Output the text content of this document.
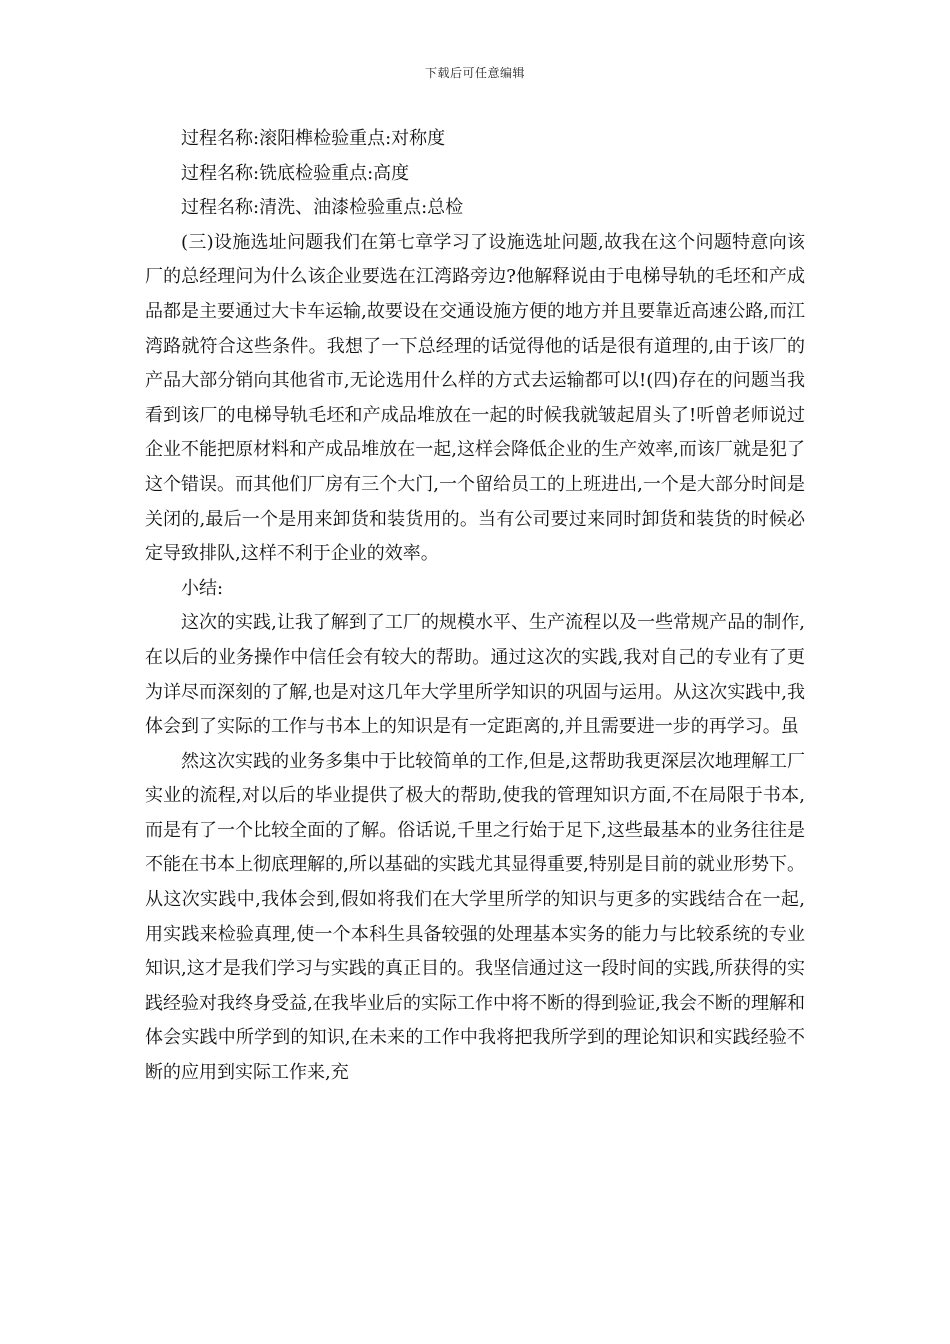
下载后可任意编辑

过程名称:滚阳榫检验重点:对称度

过程名称:铣底检验重点:高度

过程名称:清洗、油漆检验重点:总检

(三)设施选址问题我们在第七章学习了设施选址问题,故我在这个问题特意向该厂的总经理问为什么该企业要选在江湾路旁边?他解释说由于电梯导轨的毛坯和产成品都是主要通过大卡车运输,故要设在交通设施方便的地方并且要靠近高速公路,而江湾路就符合这些条件。我想了一下总经理的话觉得他的话是很有道理的,由于该厂的产品大部分销向其他省市,无论选用什么样的方式去运输都可以!(四)存在的问题当我看到该厂的电梯导轨毛坯和产成品堆放在一起的时候我就皱起眉头了!听曾老师说过企业不能把原材料和产成品堆放在一起,这样会降低企业的生产效率,而该厂就是犯了这个错误。而其他们厂房有三个大门,一个留给员工的上班进出,一个是大部分时间是关闭的,最后一个是用来卸货和装货用的。当有公司要过来同时卸货和装货的时候必定导致排队,这样不利于企业的效率。

小结:

这次的实践,让我了解到了工厂的规模水平、生产流程以及一些常规产品的制作,在以后的业务操作中信任会有较大的帮助。通过这次的实践,我对自己的专业有了更为详尽而深刻的了解,也是对这几年大学里所学知识的巩固与运用。从这次实践中,我体会到了实际的工作与书本上的知识是有一定距离的,并且需要进一步的再学习。虽

然这次实践的业务多集中于比较简单的工作,但是,这帮助我更深层次地理解工厂实业的流程,对以后的毕业提供了极大的帮助,使我的管理知识方面,不在局限于书本,而是有了一个比较全面的了解。俗话说,千里之行始于足下,这些最基本的业务往往是不能在书本上彻底理解的,所以基础的实践尤其显得重要,特别是目前的就业形势下。从这次实践中,我体会到,假如将我们在大学里所学的知识与更多的实践结合在一起,用实践来检验真理,使一个本科生具备较强的处理基本实务的能力与比较系统的专业知识,这才是我们学习与实践的真正目的。我坚信通过这一段时间的实践,所获得的实践经验对我终身受益,在我毕业后的实际工作中将不断的得到验证,我会不断的理解和体会实践中所学到的知识,在未来的工作中我将把我所学到的理论知识和实践经验不断的应用到实际工作来,充
